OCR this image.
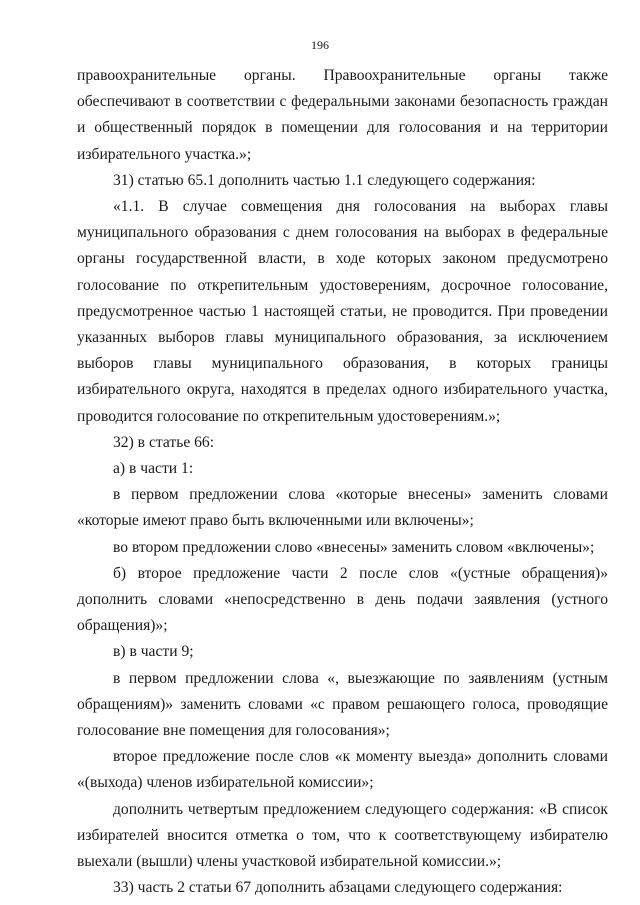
196

правоохранительные органы. Правоохранительные органы также обеспечивают в соответствии с федеральными законами безопасность граждан и общественный порядок в помещении для голосования и на территории избирательного участка.»;

31) статью 65.1 дополнить частью 1.1 следующего содержания:

«1.1. В случае совмещения дня голосования на выборах главы муниципального образования с днем голосования на выборах в федеральные органы государственной власти, в ходе которых законом предусмотрено голосование по открепительным удостоверениям, досрочное голосование, предусмотренное частью 1 настоящей статьи, не проводится. При проведении указанных выборов главы муниципального образования, за исключением выборов главы муниципального образования, в которых границы избирательного округа, находятся в пределах одного избирательного участка, проводится голосование по открепительным удостоверениям.»;

32) в статье 66:

а) в части 1:

в первом предложении слова «которые внесены» заменить словами «которые имеют право быть включенными или включены»;

во втором предложении слово «внесены» заменить словом «включены»;

б) второе предложение части 2 после слов «(устные обращения)» дополнить словами «непосредственно в день подачи заявления (устного обращения)»;

в) в части 9;

в первом предложении слова «, выезжающие по заявлениям (устным обращениям)» заменить словами «с правом решающего голоса, проводящие голосование вне помещения для голосования»;

второе предложение после слов «к моменту выезда» дополнить словами «(выхода) членов избирательной комиссии»;

дополнить четвертым предложением следующего содержания: «В список избирателей вносится отметка о том, что к соответствующему избирателю выехали (вышли) члены участковой избирательной комиссии.»;

33) часть 2 статьи 67 дополнить абзацами следующего содержания:
